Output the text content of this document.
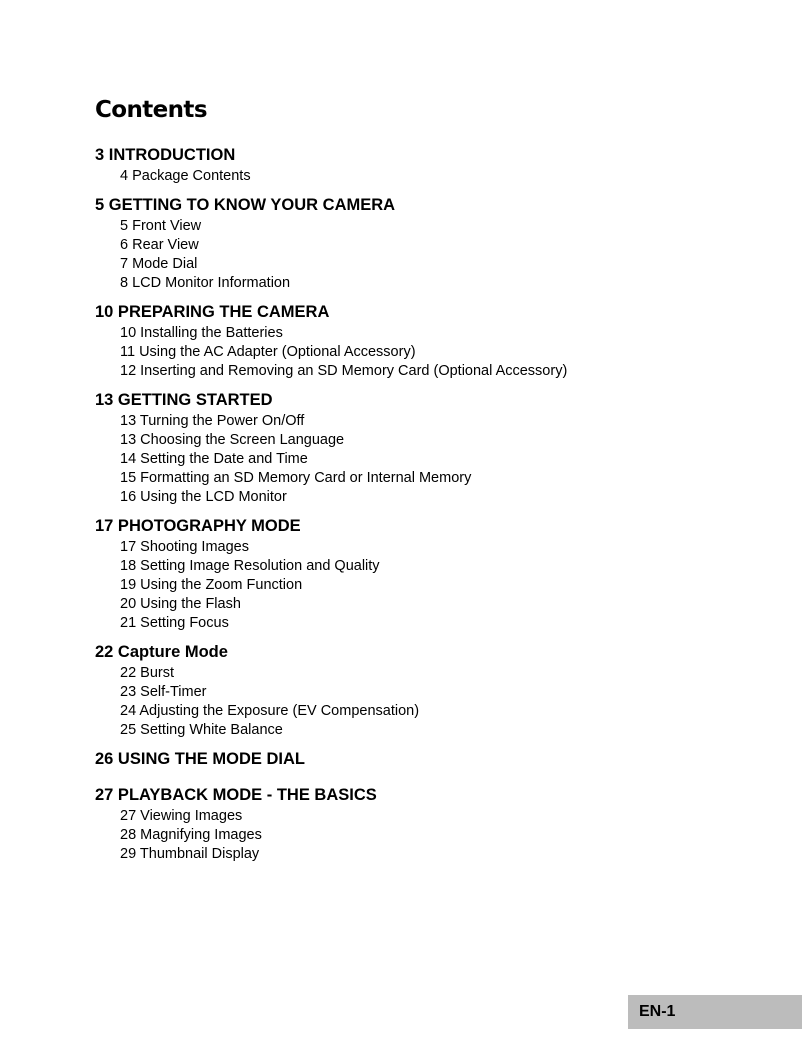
Contents
3 INTRODUCTION
4 Package Contents
5 GETTING TO KNOW YOUR CAMERA
5 Front View
6 Rear View
7 Mode Dial
8 LCD Monitor Information
10 PREPARING THE CAMERA
10 Installing the Batteries
11 Using the AC Adapter (Optional Accessory)
12 Inserting and Removing an SD Memory Card (Optional Accessory)
13 GETTING STARTED
13 Turning the Power On/Off
13 Choosing the Screen Language
14 Setting the Date and Time
15 Formatting an SD Memory Card or Internal Memory
16 Using the LCD Monitor
17 PHOTOGRAPHY MODE
17 Shooting Images
18 Setting Image Resolution and Quality
19 Using the Zoom Function
20 Using the Flash
21 Setting Focus
22 Capture Mode
22 Burst
23 Self-Timer
24 Adjusting the Exposure (EV Compensation)
25 Setting White Balance
26 USING THE MODE DIAL
27 PLAYBACK MODE - THE BASICS
27 Viewing Images
28 Magnifying Images
29 Thumbnail Display
EN-1
